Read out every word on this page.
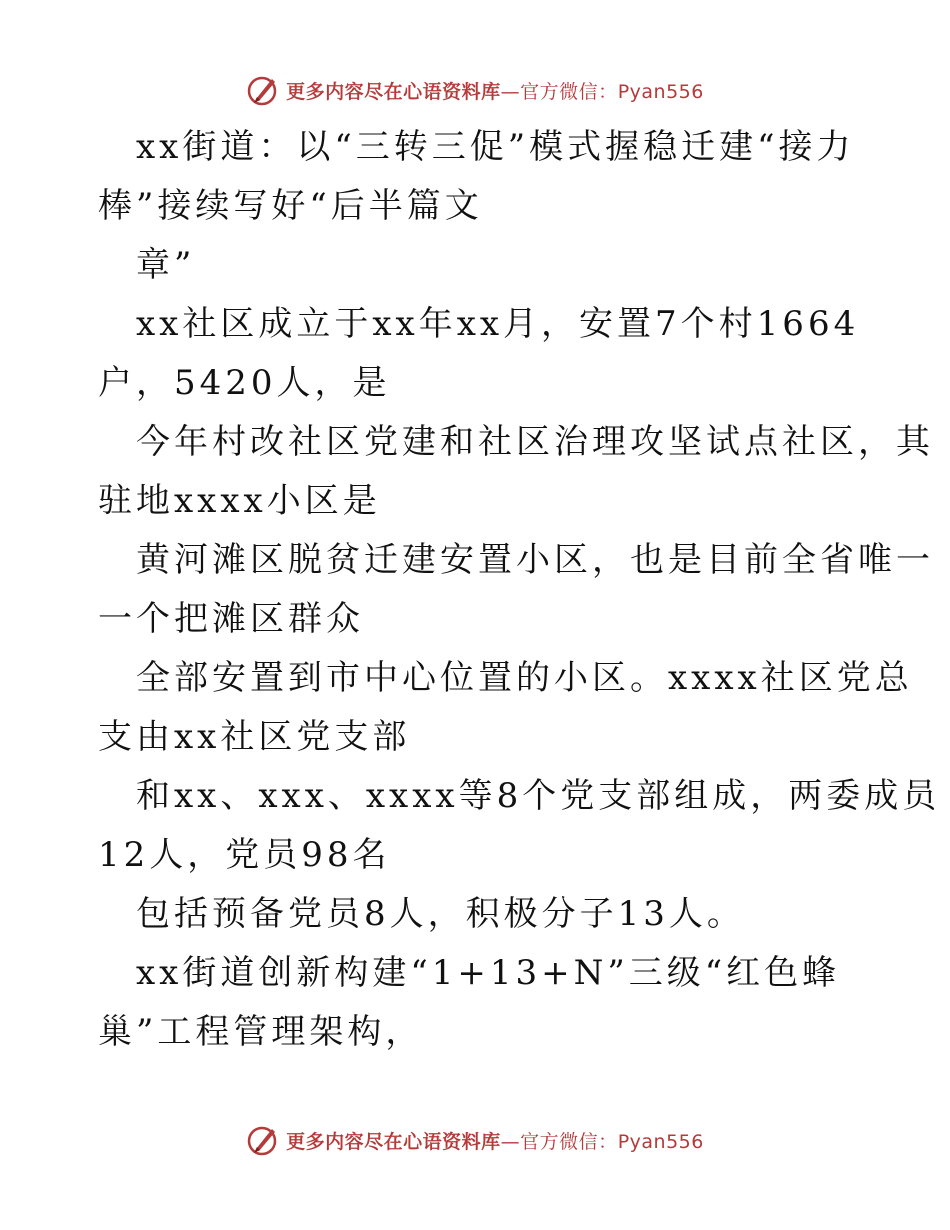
更多内容尽在心语资料库—官方微信：Pyan556
xx街道：以“三转三促”模式握稳迁建“接力
棒”接续写好“后半篇文
章”
xx社区成立于xx年xx月，安置7个村1664
户，5420人，是
今年村改社区党建和社区治理攻坚试点社区，其
驻地xxxx小区是
黄河滩区脱贫迁建安置小区，也是目前全省唯一
一个把滩区群众
全部安置到市中心位置的小区。xxxx社区党总
支由xx社区党支部
和xx、xxx、xxxx等8个党支部组成，两委成员
12人，党员98名
包括预备党员8人，积极分子13人。
xx街道创新构建“1+13+N”三级“红色蜂
巢”工程管理架构，
更多内容尽在心语资料库—官方微信：Pyan556
